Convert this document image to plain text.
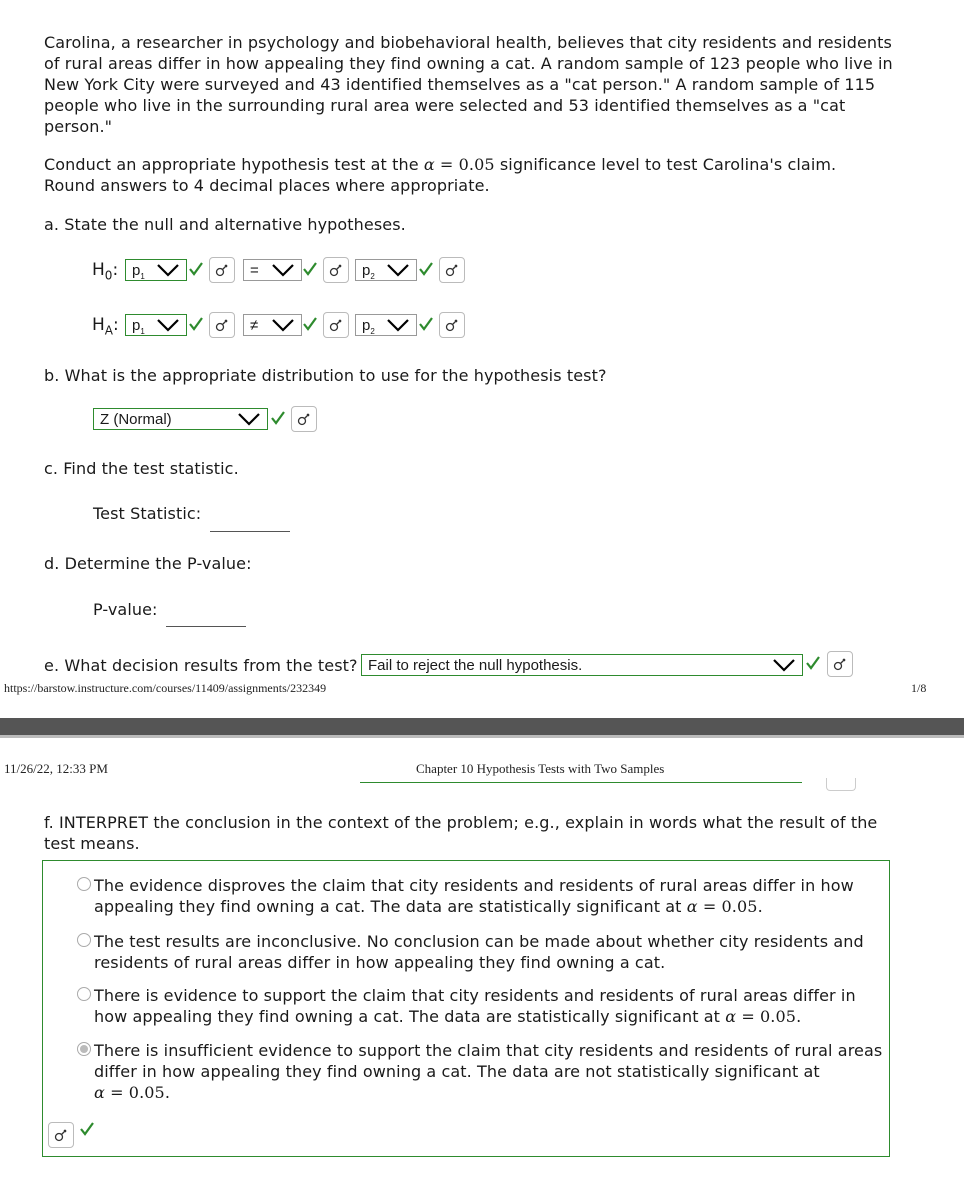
Carolina, a researcher in psychology and biobehavioral health, believes that city residents and residents
of rural areas differ in how appealing they find owning a cat. A random sample of 123 people who live in
New York City were surveyed and 43 identified themselves as a "cat person." A random sample of 115
people who live in the surrounding rural area were selected and 53 identified themselves as a "cat
person."
Conduct an appropriate hypothesis test at the α = 0.05 significance level to test Carolina's claim.
Round answers to 4 decimal places where appropriate.
a. State the null and alternative hypotheses.
$H_0$: $p_1$	=	$p_2$
$H_A$: $p_1$	≠	$p_2$
b. What is the appropriate distribution to use for the hypothesis test?
Z (Normal)
c. Find the test statistic.
Test Statistic:
d. Determine the P-value:
P-value:
e. What decision results from the test? Fail to reject the null hypothesis.
https://barstow.instructure.com/courses/11409/assignments/232349	1/8
11/26/22, 12:33 PM	Chapter 10 Hypothesis Tests with Two Samples
f. INTERPRET the conclusion in the context of the problem; e.g., explain in words what the result of the
test means.
The evidence disproves the claim that city residents and residents of rural areas differ in how
appealing they find owning a cat. The data are statistically significant at α = 0.05.
The test results are inconclusive. No conclusion can be made about whether city residents and
residents of rural areas differ in how appealing they find owning a cat.
There is evidence to support the claim that city residents and residents of rural areas differ in
how appealing they find owning a cat. The data are statistically significant at α = 0.05.
There is insufficient evidence to support the claim that city residents and residents of rural areas
differ in how appealing they find owning a cat. The data are not statistically significant at
α = 0.05.
